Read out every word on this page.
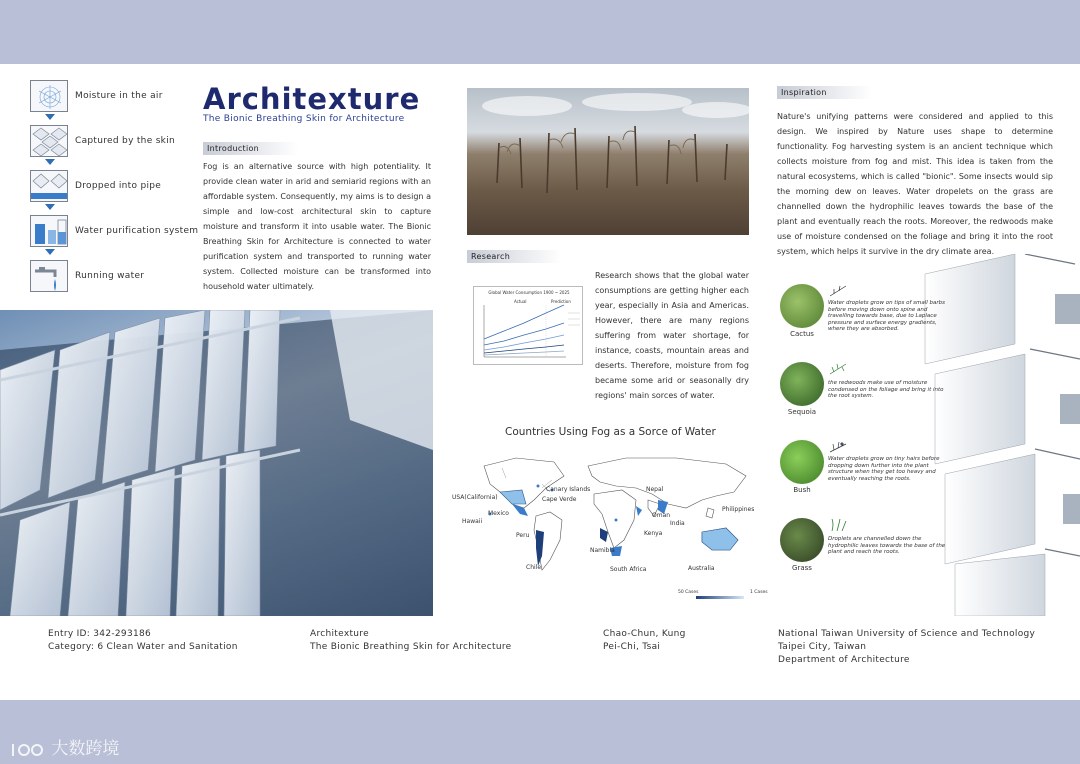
Moisture in the air
Captured by the skin
Dropped into pipe
Water purification system
Running water
Architexture
The Bionic Breathing Skin for Architecture
Introduction
Fog is an alternative source with high potentiality. It provide clean water in arid and semiarid regions with an affordable system. Consequently, my aims is to design a simple and low-cost architectural skin to capture moisture and transform it into usable water. The Bionic Breathing Skin for Architecture is connected to water purification system and transported to running water system. Collected moisture can be transformed into household water ultimately.
Research
Global Water Consumption 1900 ~ 2025
Actual	Prediction
Research shows that the global water consumptions are getting higher each year, especially in Asia and Americas. However, there are many regions suffering from water shortage, for instance, coasts, mountain areas and deserts. Therefore, moisture from fog became some arid or seasonally dry regions' main sorces of water.
Countries Using Fog as a Sorce of Water
USA(California)
Hawaii
Mexico
Canary Islands
Cape Verde
Nepal
Oman
India
Philippines
Kenya
Peru
Chile
Namibia
South Africa	Australia
50 Cases	1 Cases
Inspiration
Nature's unifying patterns were considered and applied to this design. We inspired by Nature uses shape to determine functionality. Fog harvesting system is an ancient technique which collects moisture from fog and mist. This idea is taken from the natural ecosystems, which is called "bionic". Some insects would sip the morning dew on leaves. Water dropelets on the grass are channelled down the hydrophilic leaves towards the base of the plant and eventually reach the roots. Moreover, the redwoods make use of moisture condensed on the foliage and bring it into the root system, which helps it survive in the dry climate area.
Cactus
Water droplets grow on tips of small barbs before moving down onto spine and travelling towards base, due to Laplace pressure and surface energy gradients, where they are absorbed.
Sequoia
the redwoods make use of moisture condensed on the foliage and bring it into the root system.
Bush
Water droplets grow on tiny hairs before dropping down further into the plant structure when they get too heavy and eventually reaching the roots.
Grass
Droplets are channelled down the hydrophilic leaves towards the base of the plant and reach the roots.
Entry ID: 342-293186
Category: 6 Clean Water and Sanitation
Architexture
The Bionic Breathing Skin for Architecture
Chao-Chun, Kung
Pei-Chi, Tsai
National Taiwan University of Science and Technology
Taipei City, Taiwan
Department of Architecture
大数跨境
